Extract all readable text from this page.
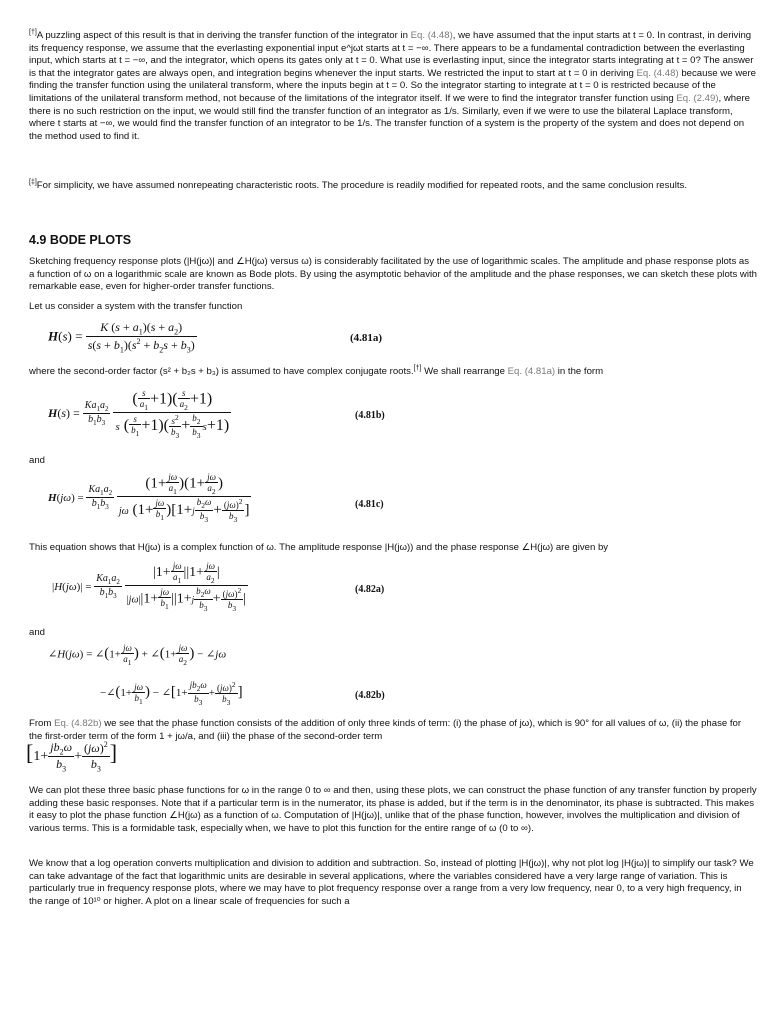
[†]A puzzling aspect of this result is that in deriving the transfer function of the integrator in Eq. (4.48), we have assumed that the input starts at t = 0. In contrast, in deriving its frequency response, we assume that the everlasting exponential input e^jωt starts at t = −∞. There appears to be a fundamental contradiction between the everlasting input, which starts at t = −∞, and the integrator, which opens its gates only at t = 0. What use is everlasting input, since the integrator starts integrating at t = 0? The answer is that the integrator gates are always open, and integration begins whenever the input starts. We restricted the input to start at t = 0 in deriving Eq. (4.48) because we were finding the transfer function using the unilateral transform, where the inputs begin at t = 0. So the integrator starting to integrate at t = 0 is restricted because of the limitations of the unilateral transform method, not because of the limitations of the integrator itself. If we were to find the integrator transfer function using Eq. (2.49), where there is no such restriction on the input, we would still find the transfer function of an integrator as 1/s. Similarly, even if we were to use the bilateral Laplace transform, where t starts at −∞, we would find the transfer function of an integrator to be 1/s. The transfer function of a system is the property of the system and does not depend on the method used to find it.

[‡]For simplicity, we have assumed nonrepeating characteristic roots. The procedure is readily modified for repeated roots, and the same conclusion results.

4.9 BODE PLOTS

Sketching frequency response plots (|H(jω)| and ∠H(jω) versus ω) is considerably facilitated by the use of logarithmic scales. The amplitude and phase response plots as a function of ω on a logarithmic scale are known as Bode plots. By using the asymptotic behavior of the amplitude and the phase responses, we can sketch these plots with remarkable ease, even for higher-order transfer functions.

Let us consider a system with the transfer function

$H(s) = \frac{K (s + a_1)(s + a_2)}{s(s + b_1)(s^2 + b_2s + b_3)}$	(4.81a)

where the second-order factor (s² + b₂s + b₃) is assumed to have complex conjugate roots.[†] We shall rearrange Eq. (4.81a) in the form

$H(s) = \frac{Ka_1a_2}{b_1b_3}$
$\frac{( \frac{s}{a_1} +1)( \frac{s}{a_2} +1)}{s ( \frac{s}{b_1} +1)( \frac{s^2}{b_3} + \frac{b_2}{b_3} s+1)}$	(4.81b)
and
$H(j\omega) = \frac{Ka_1a_2}{b_1b_3}$
$\frac{(1+ \frac{j\omega}{a_1} )(1+ \frac{j\omega}{a_2} )}{j\omega (1+ \frac{j\omega}{b_1} )[1+j \frac{b_2\omega}{b_3} + \frac{(j\omega)^2}{b_3} ]}$	(4.81c)

This equation shows that H(jω) is a complex function of ω. The amplitude response |H(jω)) and the phase response ∠H(jω) are given by

$|H(j\omega)| = \frac{Ka_1a_2}{b_1b_3}$
$\frac{|1+ \frac{j\omega}{a_1} ||1+ \frac{j\omega}{a_2} |}{|j\omega||1+ \frac{j\omega}{b_1} ||1+j \frac{b_2\omega}{b_3} + \frac{(j\omega)^2}{b_3} |}$	(4.82a)
and
∠H(jω) = ∠(1+ $\frac{j\omega}{a_1}$ ) + ∠(1+ $\frac{j\omega}{a_2}$ ) − ∠jω
−∠(1+ $\frac{j\omega}{b_1}$ ) − ∠[1+ $\frac{jb_2\omega}{b_3} + \frac{(j\omega)^2}{b_3}$ ]	(4.82b)

From Eq. (4.82b) we see that the phase function consists of the addition of only three kinds of term: (i) the phase of jω), which is 90° for all values of ω, (ii) the phase for the first-order term of the form 1 + jω/a, and (iii) the phase of the second-order term

[$1+ \frac{jb_2\omega}{b_3} + \frac{(j\omega)^2}{b_3}$ ]

We can plot these three basic phase functions for ω in the range 0 to ∞ and then, using these plots, we can construct the phase function of any transfer function by properly adding these basic responses. Note that if a particular term is in the numerator, its phase is added, but if the term is in the denominator, its phase is subtracted. This makes it easy to plot the phase function ∠H(jω) as a function of ω. Computation of |H(jω)|, unlike that of the phase function, however, involves the multiplication and division of various terms. This is a formidable task, especially when, we have to plot this function for the entire range of ω (0 to ∞).

We know that a log operation converts multiplication and division to addition and subtraction. So, instead of plotting |H(jω)|, why not plot log |H(jω)| to simplify our task? We can take advantage of the fact that logarithmic units are desirable in several applications, where the variables considered have a very large range of variation. This is particularly true in frequency response plots, where we may have to plot frequency response over a range from a very low frequency, near 0, to a very high frequency, in the range of 10¹⁰ or higher. A plot on a linear scale of frequencies for such a
